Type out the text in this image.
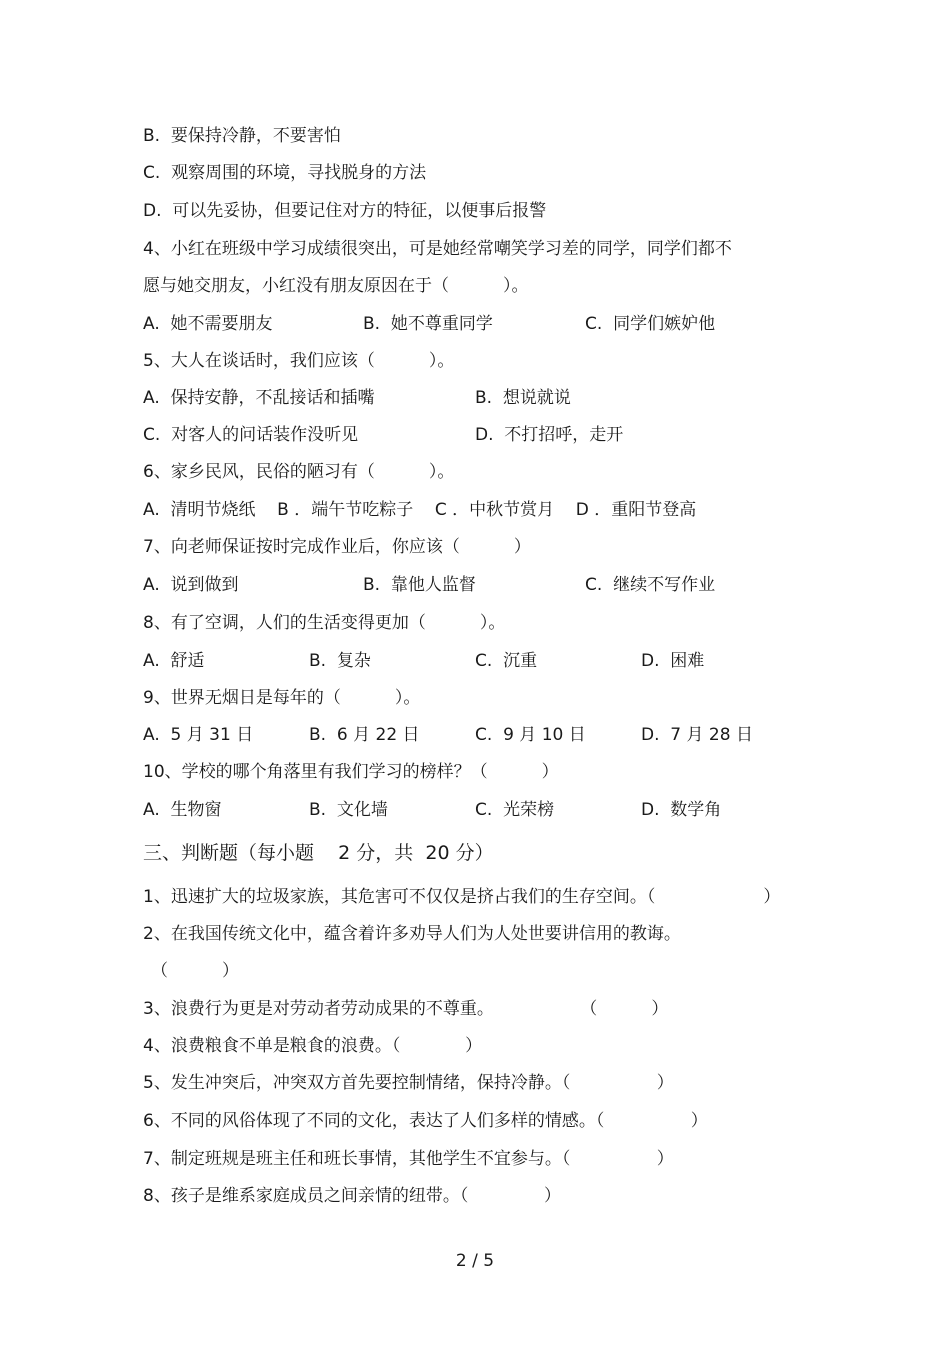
B.  要保持冷静，不要害怕
C.  观察周围的环境，寻找脱身的方法
D.  可以先妥协，但要记住对方的特征，以便事后报警
4、小红在班级中学习成绩很突出，可是她经常嘲笑学习差的同学，同学们都不
愿与她交朋友，小红没有朋友原因在于（          ）。

A.  她不需要朋友

	B.  她不尊重同学

	C.  同学们嫉妒他

5、大人在谈话时，我们应该（          ）。

A.  保持安静，不乱接话和插嘴

	B.  想说就说

C.  对客人的问话装作没听见

	D.  不打招呼，走开

6、家乡民风，民俗的陋习有（          ）。
A.  清明节烧纸    B ．端午节吃粽子    C ．中秋节赏月    D ．重阳节登高
7、向老师保证按时完成作业后，你应该（          ）

A.  说到做到

	B.  靠他人监督

	C.  继续不写作业

8、有了空调，人们的生活变得更加（          ）。

A.  舒适

	B.  复杂

	C.  沉重

	D.  困难

9、世界无烟日是每年的（          ）。

A.  5 月 31 日

	B.  6 月 22 日

	C.  9 月 10 日

	D.  7 月 28 日

10、学校的哪个角落里有我们学习的榜样？（          ）

A.  生物窗

	B.  文化墙

	C.  光荣榜

	D.  数学角

三、判断题（每小题    2 分，共  20 分）
1、迅速扩大的垃圾家族，其危害可不仅仅是挤占我们的生存空间。（                    ）
2、在我国传统文化中，蕴含着许多劝导人们为人处世要讲信用的教诲。
（          ）
3、浪费行为更是对劳动者劳动成果的不尊重。                （          ）
4、浪费粮食不单是粮食的浪费。（            ）
5、发生冲突后，冲突双方首先要控制情绪，保持冷静。（                ）
6、不同的风俗体现了不同的文化，表达了人们多样的情感。（                ）
7、制定班规是班主任和班长事情，其他学生不宜参与。（                ）
8、孩子是维系家庭成员之间亲情的纽带。（              ）
2 / 5
